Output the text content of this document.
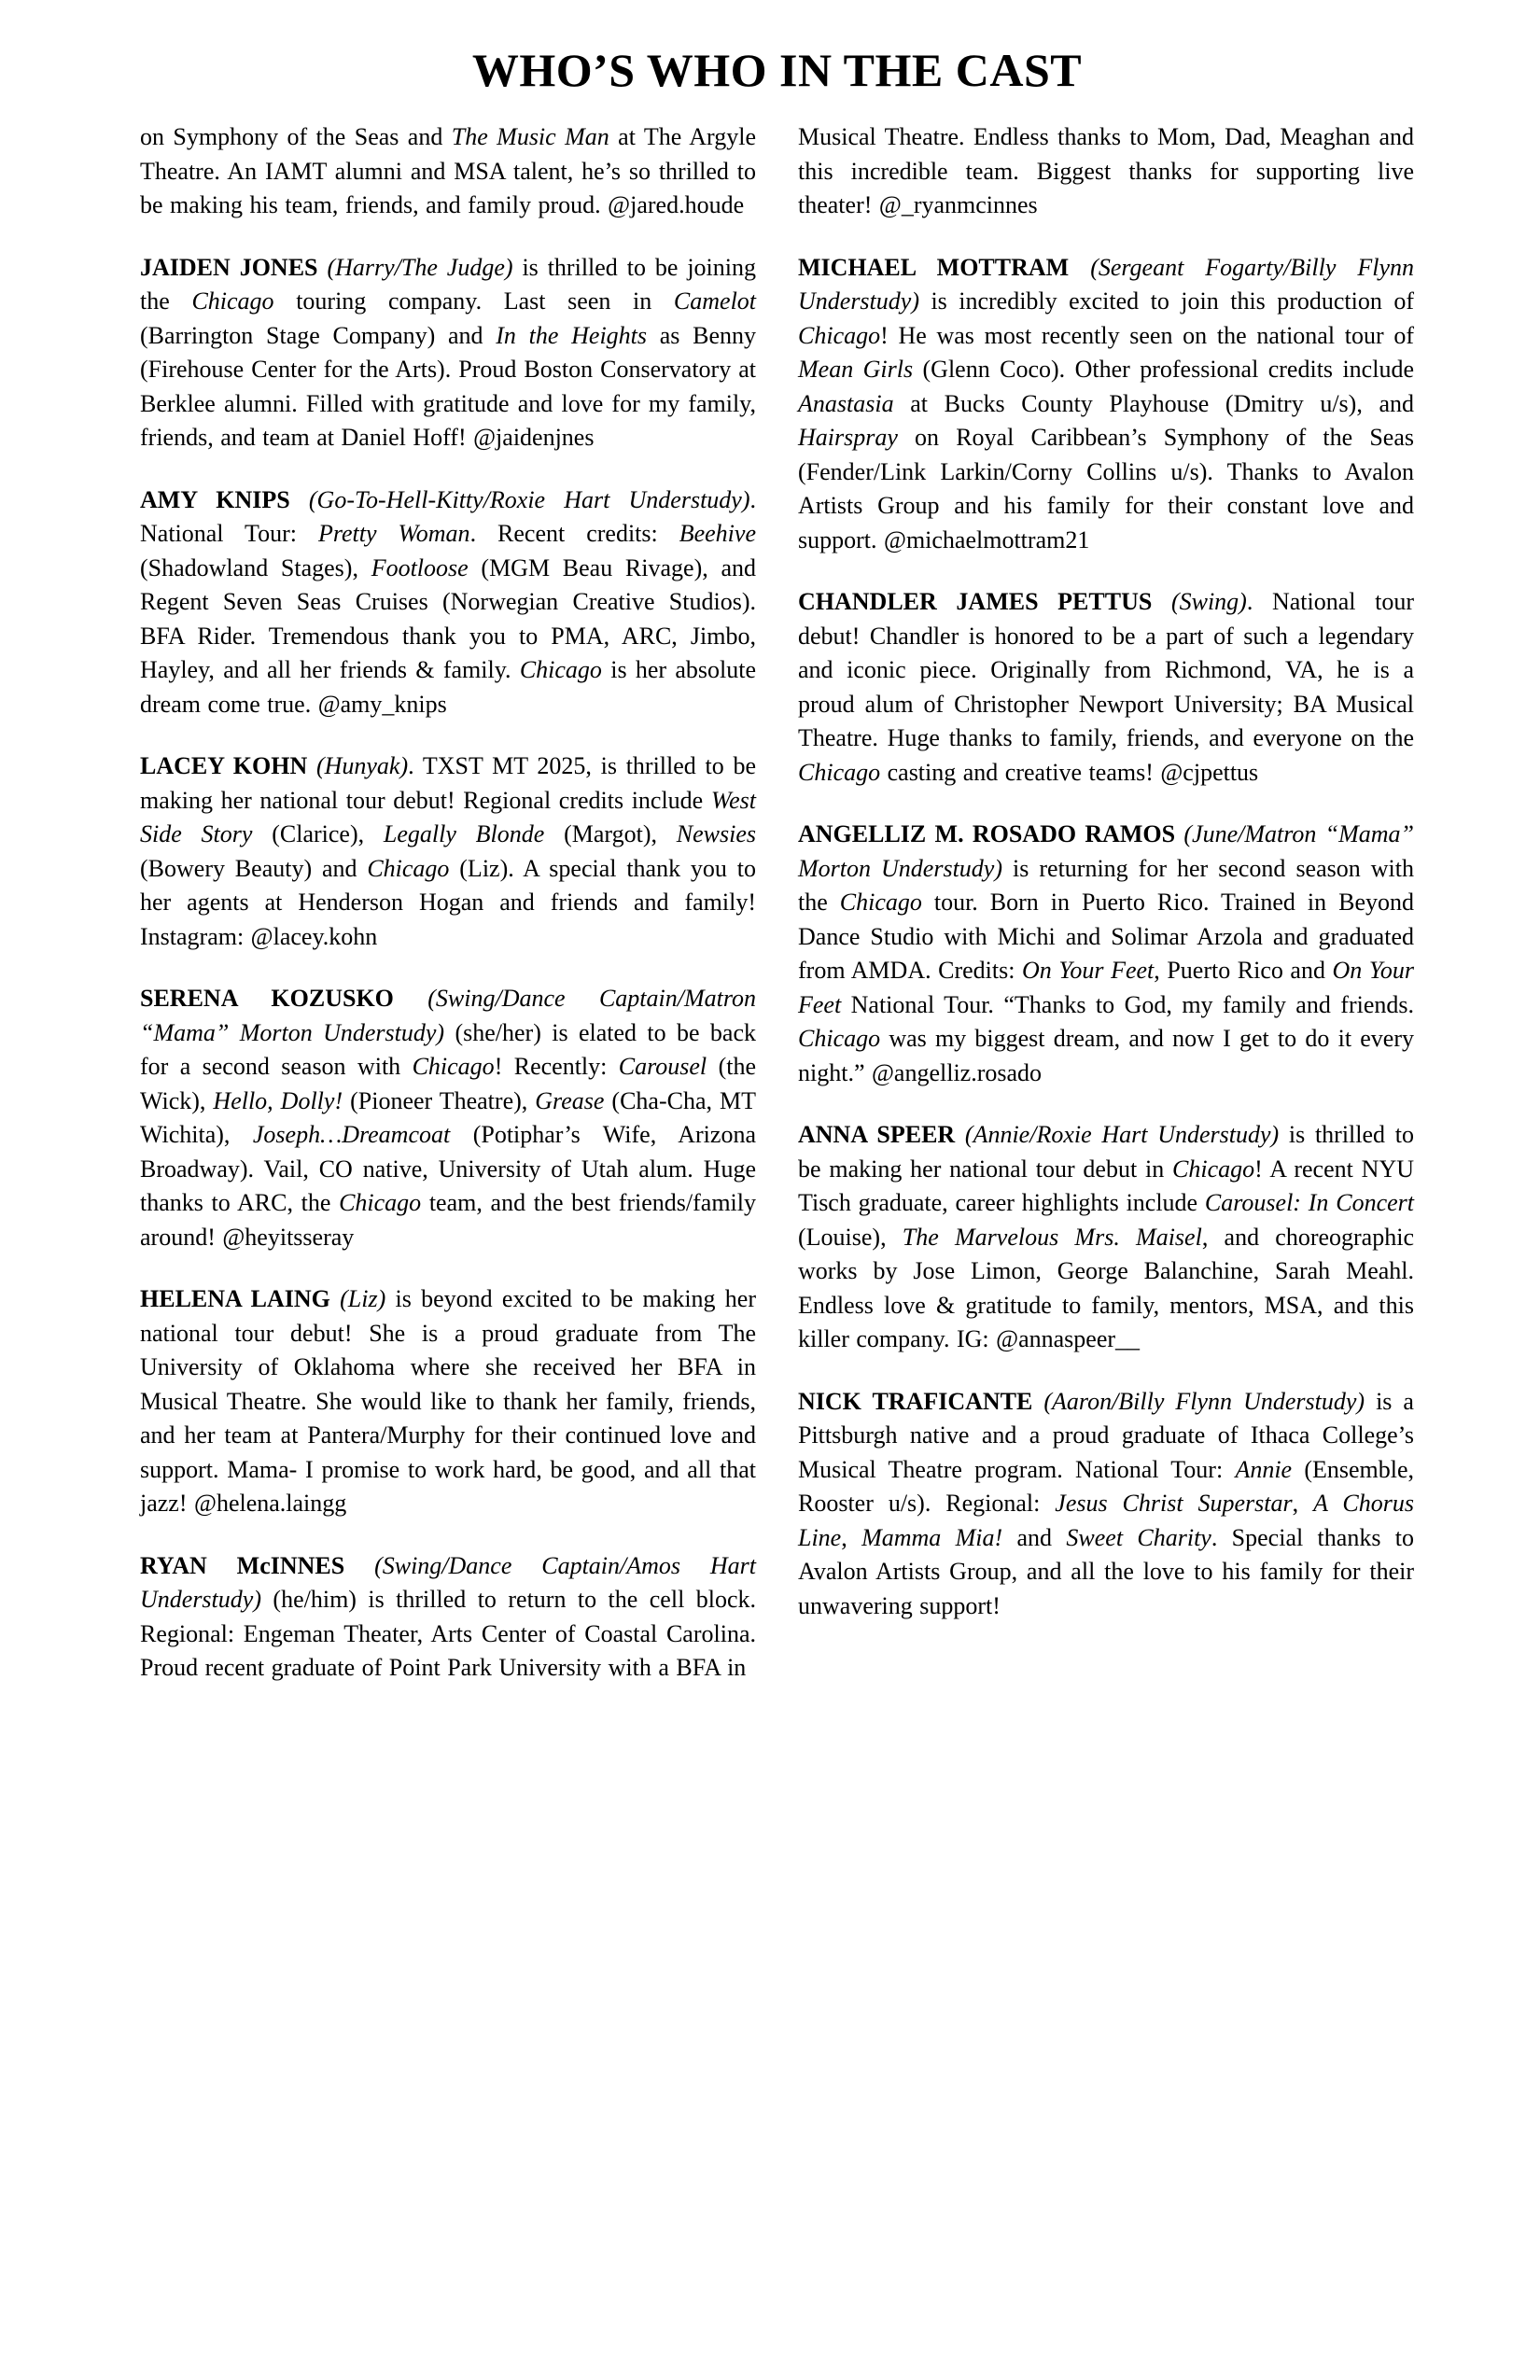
WHO’S WHO IN THE CAST

on Symphony of the Seas and The Music Man at The Argyle Theatre. An IAMT alumni and MSA talent, he’s so thrilled to be making his team, friends, and family proud. @jared.houde

JAIDEN JONES (Harry/The Judge) is thrilled to be joining the Chicago touring company. Last seen in Camelot (Barrington Stage Company) and In the Heights as Benny (Firehouse Center for the Arts). Proud Boston Conservatory at Berklee alumni. Filled with gratitude and love for my family, friends, and team at Daniel Hoff! @jaidenjnes

AMY KNIPS (Go-To-Hell-Kitty/Roxie Hart Understudy). National Tour: Pretty Woman. Recent credits: Beehive (Shadowland Stages), Footloose (MGM Beau Rivage), and Regent Seven Seas Cruises (Norwegian Creative Studios). BFA Rider. Tremendous thank you to PMA, ARC, Jimbo, Hayley, and all her friends & family. Chicago is her absolute dream come true. @amy_knips

LACEY KOHN (Hunyak). TXST MT 2025, is thrilled to be making her national tour debut! Regional credits include West Side Story (Clarice), Legally Blonde (Margot), Newsies (Bowery Beauty) and Chicago (Liz). A special thank you to her agents at Henderson Hogan and friends and family! Instagram: @lacey.kohn

SERENA KOZUSKO (Swing/Dance Captain/Matron “Mama” Morton Understudy) (she/her) is elated to be back for a second season with Chicago! Recently: Carousel (the Wick), Hello, Dolly! (Pioneer Theatre), Grease (Cha-Cha, MT Wichita), Joseph…Dreamcoat (Potiphar’s Wife, Arizona Broadway). Vail, CO native, University of Utah alum. Huge thanks to ARC, the Chicago team, and the best friends/family around! @heyitsseray

HELENA LAING (Liz) is beyond excited to be making her national tour debut! She is a proud graduate from The University of Oklahoma where she received her BFA in Musical Theatre. She would like to thank her family, friends, and her team at Pantera/Murphy for their continued love and support. Mama- I promise to work hard, be good, and all that jazz! @helena.laingg

RYAN McINNES (Swing/Dance Captain/Amos Hart Understudy) (he/him) is thrilled to return to the cell block. Regional: Engeman Theater, Arts Center of Coastal Carolina. Proud recent graduate of Point Park University with a BFA in

Musical Theatre. Endless thanks to Mom, Dad, Meaghan and this incredible team. Biggest thanks for supporting live theater! @_ryanmcinnes

MICHAEL MOTTRAM (Sergeant Fogarty/Billy Flynn Understudy) is incredibly excited to join this production of Chicago! He was most recently seen on the national tour of Mean Girls (Glenn Coco). Other professional credits include Anastasia at Bucks County Playhouse (Dmitry u/s), and Hairspray on Royal Caribbean’s Symphony of the Seas (Fender/Link Larkin/Corny Collins u/s). Thanks to Avalon Artists Group and his family for their constant love and support. @michaelmottram21

CHANDLER JAMES PETTUS (Swing). National tour debut! Chandler is honored to be a part of such a legendary and iconic piece. Originally from Richmond, VA, he is a proud alum of Christopher Newport University; BA Musical Theatre. Huge thanks to family, friends, and everyone on the Chicago casting and creative teams! @cjpettus

ANGELLIZ M. ROSADO RAMOS (June/Matron “Mama” Morton Understudy) is returning for her second season with the Chicago tour. Born in Puerto Rico. Trained in Beyond Dance Studio with Michi and Solimar Arzola and graduated from AMDA. Credits: On Your Feet, Puerto Rico and On Your Feet National Tour. “Thanks to God, my family and friends. Chicago was my biggest dream, and now I get to do it every night.” @angelliz.rosado

ANNA SPEER (Annie/Roxie Hart Understudy) is thrilled to be making her national tour debut in Chicago! A recent NYU Tisch graduate, career highlights include Carousel: In Concert (Louise), The Marvelous Mrs. Maisel, and choreographic works by Jose Limon, George Balanchine, Sarah Meahl. Endless love & gratitude to family, mentors, MSA, and this killer company. IG: @annaspeer__

NICK TRAFICANTE (Aaron/Billy Flynn Understudy) is a Pittsburgh native and a proud graduate of Ithaca College’s Musical Theatre program. National Tour: Annie (Ensemble, Rooster u/s). Regional: Jesus Christ Superstar, A Chorus Line, Mamma Mia! and Sweet Charity. Special thanks to Avalon Artists Group, and all the love to his family for their unwavering support!
